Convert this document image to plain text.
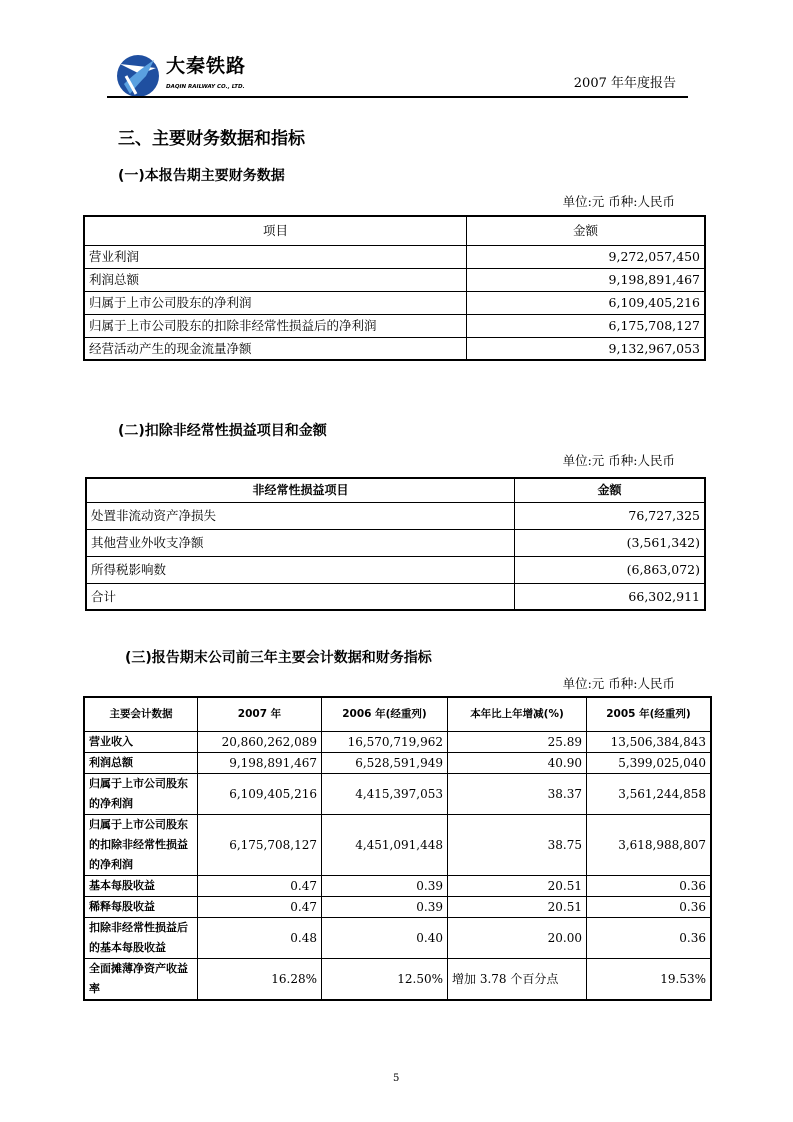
大秦铁路
DAQIN RAILWAY CO., LTD.	2007 年年度报告
三、主要财务数据和指标
(一)本报告期主要财务数据
单位:元 币种:人民币
项目	金额
营业利润	9,272,057,450
利润总额	9,198,891,467
归属于上市公司股东的净利润	6,109,405,216
归属于上市公司股东的扣除非经常性损益后的净利润	6,175,708,127
经营活动产生的现金流量净额	9,132,967,053
(二)扣除非经常性损益项目和金额
单位:元 币种:人民币
非经常性损益项目	金额
处置非流动资产净损失	76,727,325
其他营业外收支净额	(3,561,342)
所得税影响数	(6,863,072)
合计	66,302,911
(三)报告期末公司前三年主要会计数据和财务指标
单位:元 币种:人民币
主要会计数据	2007 年	2006 年(经重列)	本年比上年增减(%)	2005 年(经重列)
营业收入	20,860,262,089	16,570,719,962	25.89	13,506,384,843
利润总额	9,198,891,467	6,528,591,949	40.90	5,399,025,040
归属于上市公司股东的净利润	6,109,405,216	4,415,397,053	38.37	3,561,244,858
归属于上市公司股东的扣除非经常性损益的净利润	6,175,708,127	4,451,091,448	38.75	3,618,988,807
基本每股收益	0.47	0.39	20.51	0.36
稀释每股收益	0.47	0.39	20.51	0.36
扣除非经常性损益后的基本每股收益	0.48	0.40	20.00	0.36
全面摊薄净资产收益率	16.28%	12.50%	增加 3.78 个百分点	19.53%
5
